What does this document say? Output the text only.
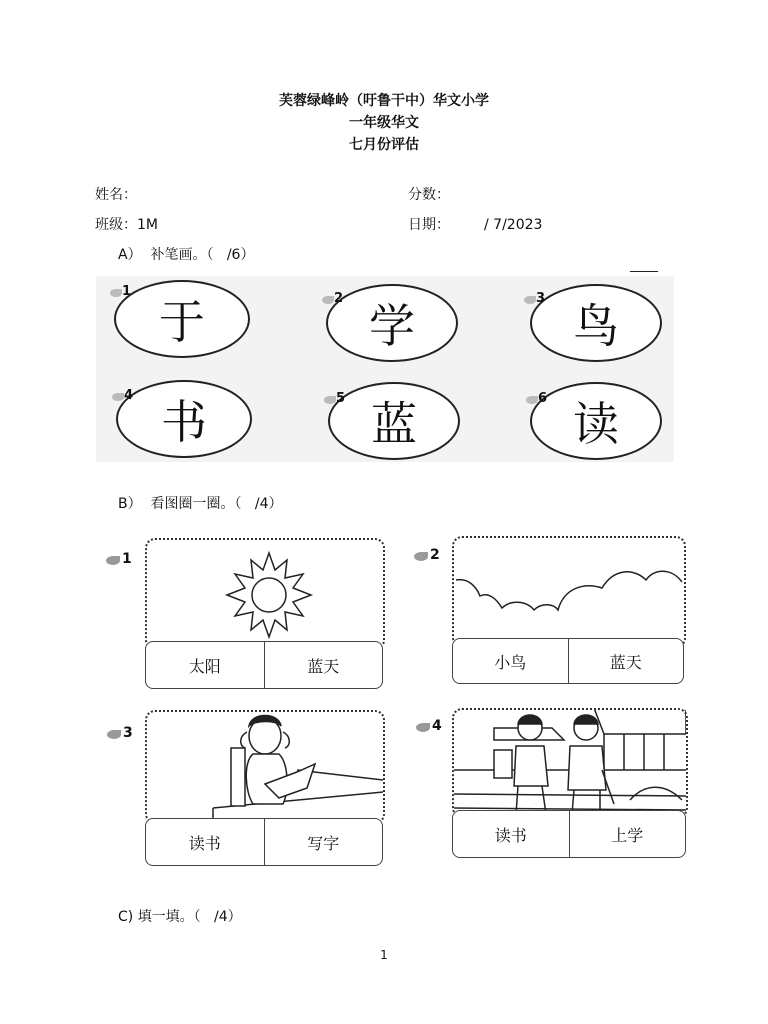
芙蓉绿峰岭（吁鲁干中）华文小学
一年级华文
七月份评估
姓名：	分数：
班级：1M	日期： / 7/2023
A）  补笔画。（   /6）
于
1
学
2
鸟
3
书
4
蓝
5	读
6
B）  看图圈一圈。（   /4）
1
太阳	蓝天
2
小鸟	蓝天
3
读书	写字
4
读书	上学
C) 填一填。（   /4）
1
